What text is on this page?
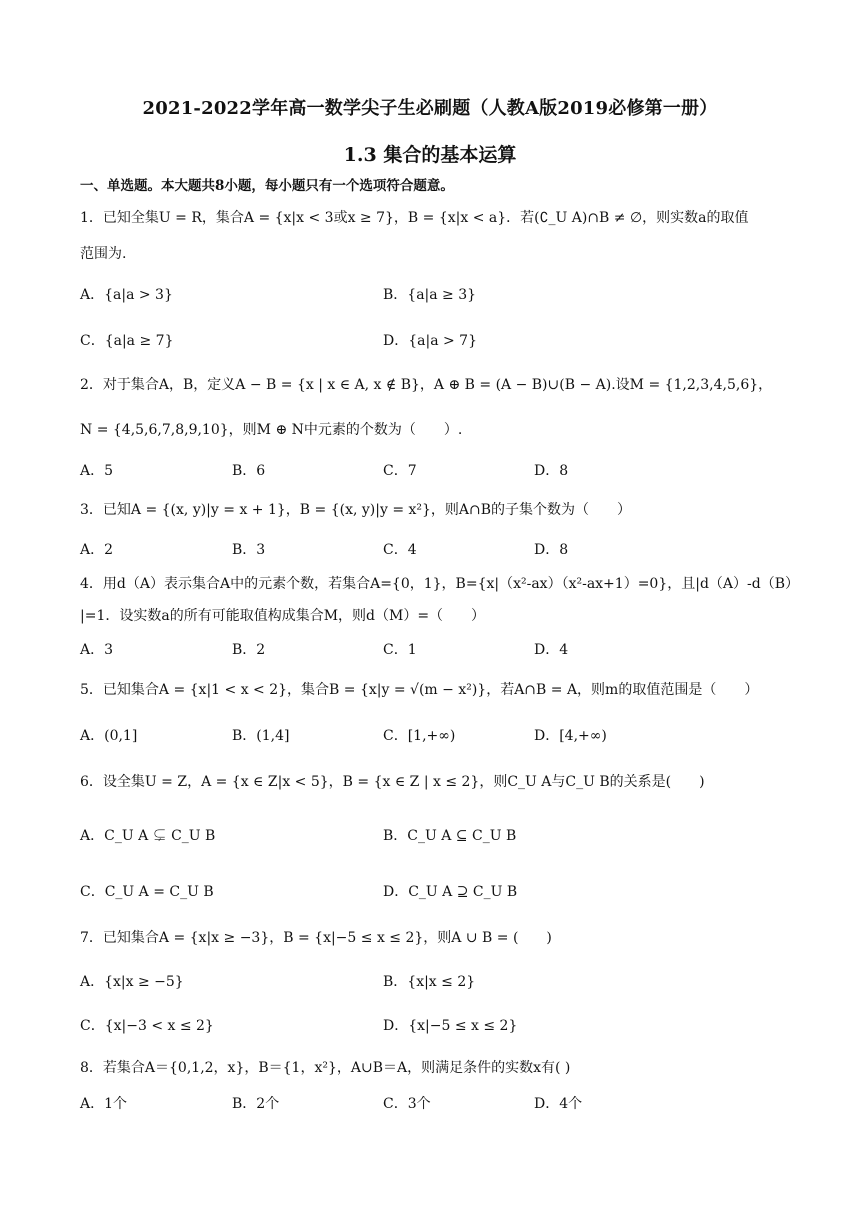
2021-2022学年高一数学尖子生必刷题（人教A版2019必修第一册）
1.3 集合的基本运算
一、单选题。本大题共8小题，每小题只有一个选项符合题意。
1．已知全集U = R，集合A = {x|x < 3或x ≥ 7}，B = {x|x < a}．若(∁_U A)∩B ≠ ∅，则实数a的取值
范围为.
A．{a|a > 3}	B．{a|a ≥ 3}
C．{a|a ≥ 7}	D．{a|a > 7}
2．对于集合A，B，定义A − B = {x | x ∈ A, x ∉ B}，A ⊕ B = (A − B)∪(B − A).设M = {1,2,3,4,5,6}，
N = {4,5,6,7,8,9,10}，则M ⊕ N中元素的个数为（　　）.
A．5	B．6	C．7	D．8
3．已知A = {(x, y)|y = x + 1}，B = {(x, y)|y = x²}，则A∩B的子集个数为（　　）
A．2	B．3	C．4	D．8
4．用d（A）表示集合A中的元素个数，若集合A={0，1}，B={x|（x²-ax）（x²-ax+1）=0}，且|d（A）-d（B）
|=1．设实数a的所有可能取值构成集合M，则d（M）=（　　）
A．3	B．2	C．1	D．4
5．已知集合A = {x|1 < x < 2}，集合B = {x|y = √(m − x²)}，若A∩B = A，则m的取值范围是（　　）
A．(0,1]	B．(1,4]	C．[1,+∞)	D．[4,+∞)
6．设全集U = Z，A = {x ∈ Z|x < 5}，B = {x ∈ Z | x ≤ 2}，则C_U A与C_U B的关系是(　　)
A．C_U A ⊊ C_U B	B．C_U A ⊆ C_U B
C．C_U A = C_U B	D．C_U A ⊇ C_U B
7．已知集合A = {x|x ≥ −3}，B = {x|−5 ≤ x ≤ 2}，则A ∪ B = (　　)
A．{x|x ≥ −5}	B．{x|x ≤ 2}
C．{x|−3 < x ≤ 2}	D．{x|−5 ≤ x ≤ 2}
8．若集合A＝{0,1,2，x}，B＝{1，x²}，A∪B＝A，则满足条件的实数x有( )
A．1个	B．2个	C．3个	D．4个
